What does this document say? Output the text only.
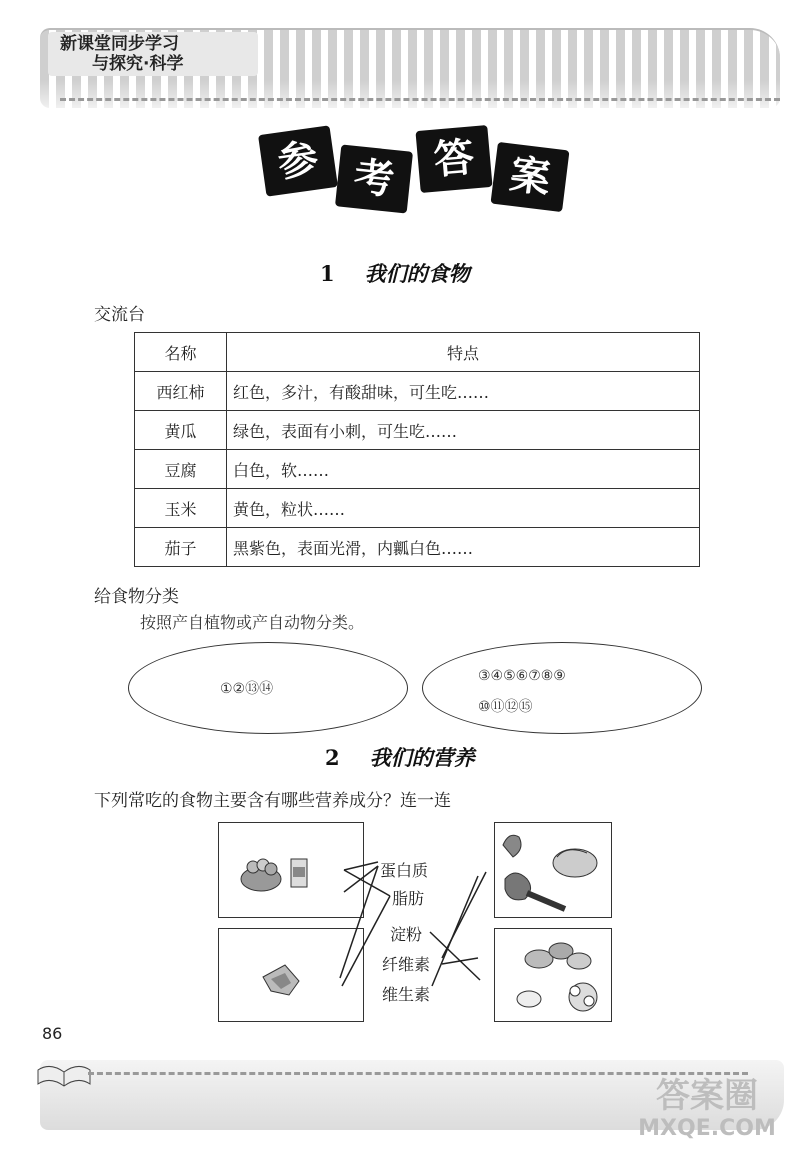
新课堂同步学习
与探究·科学
参 考 答 案
1 我们的食物
交流台
名称	特点
西红柿	红色，多汁，有酸甜味，可生吃……
黄瓜	绿色，表面有小刺，可生吃……
豆腐	白色，软……
玉米	黄色，粒状……
茄子	黑紫色，表面光滑，内瓤白色……
给食物分类
按照产自植物或产自动物分类。
①②⑬⑭
③④⑤⑥⑦⑧⑨
⑩⑪⑫⑮
2 我们的营养
下列常吃的食物主要含有哪些营养成分？连一连
蛋白质
脂肪
淀粉
纤维素
维生素
86
答案圈
MXQE.COM
